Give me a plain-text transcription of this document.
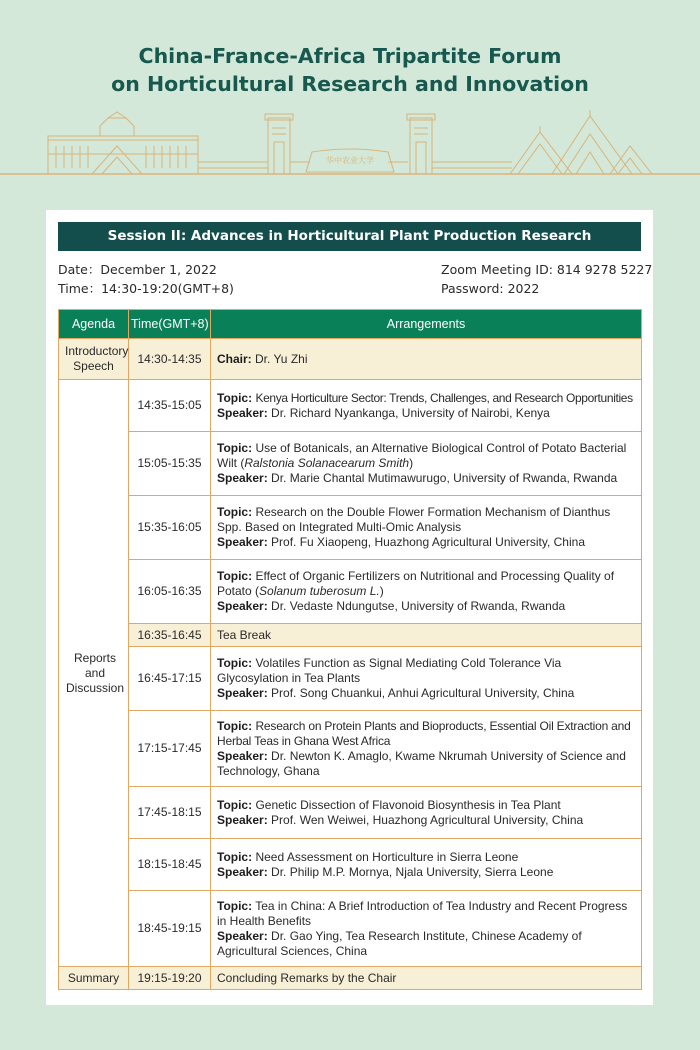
China-France-Africa Tripartite Forum
on Horticultural Research and Innovation
华中农业大学
Session II: Advances in Horticultural Plant Production Research
Date：December 1, 2022
Time：14:30-19:20(GMT+8)
Zoom Meeting ID: 814 9278 5227
Password: 2022
Agenda	Time(GMT+8)	Arrangements
Introductory Speech	14:30-14:35	Chair: Dr. Yu Zhi
Reports and Discussion	14:35-15:05	Topic: Kenya Horticulture Sector: Trends, Challenges, and Research Opportunities
Speaker: Dr. Richard Nyankanga, University of Nairobi, Kenya

	15:05-15:35	Topic: Use of Botanicals, an Alternative Biological Control of Potato Bacterial Wilt (Ralstonia Solanacearum Smith)
Speaker: Dr. Marie Chantal Mutimawurugo, University of Rwanda, Rwanda

	15:35-16:05	Topic: Research on the Double Flower Formation Mechanism of Dianthus Spp. Based on Integrated Multi-Omic Analysis
Speaker: Prof. Fu Xiaopeng, Huazhong Agricultural University, China

	16:05-16:35	Topic: Effect of Organic Fertilizers on Nutritional and Processing Quality of Potato (Solanum tuberosum L.)
Speaker: Dr. Vedaste Ndungutse, University of Rwanda, Rwanda

	16:35-16:45	Tea Break
	16:45-17:15	Topic: Volatiles Function as Signal Mediating Cold Tolerance Via Glycosylation in Tea Plants
Speaker: Prof. Song Chuankui, Anhui Agricultural University, China

	17:15-17:45	Topic: Research on Protein Plants and Bioproducts, Essential Oil Extraction and Herbal Teas in Ghana West Africa
Speaker: Dr. Newton K. Amaglo, Kwame Nkrumah University of Science and Technology, Ghana

	17:45-18:15	Topic: Genetic Dissection of Flavonoid Biosynthesis in Tea Plant
Speaker: Prof. Wen Weiwei, Huazhong Agricultural University, China

	18:15-18:45	Topic: Need Assessment on Horticulture in Sierra Leone
Speaker: Dr. Philip M.P. Mornya, Njala University, Sierra Leone

	18:45-19:15	Topic: Tea in China: A Brief Introduction of Tea Industry and Recent Progress in Health Benefits
Speaker: Dr. Gao Ying, Tea Research Institute, Chinese Academy of Agricultural Sciences, China

Summary	19:15-19:20	Concluding Remarks by the Chair
